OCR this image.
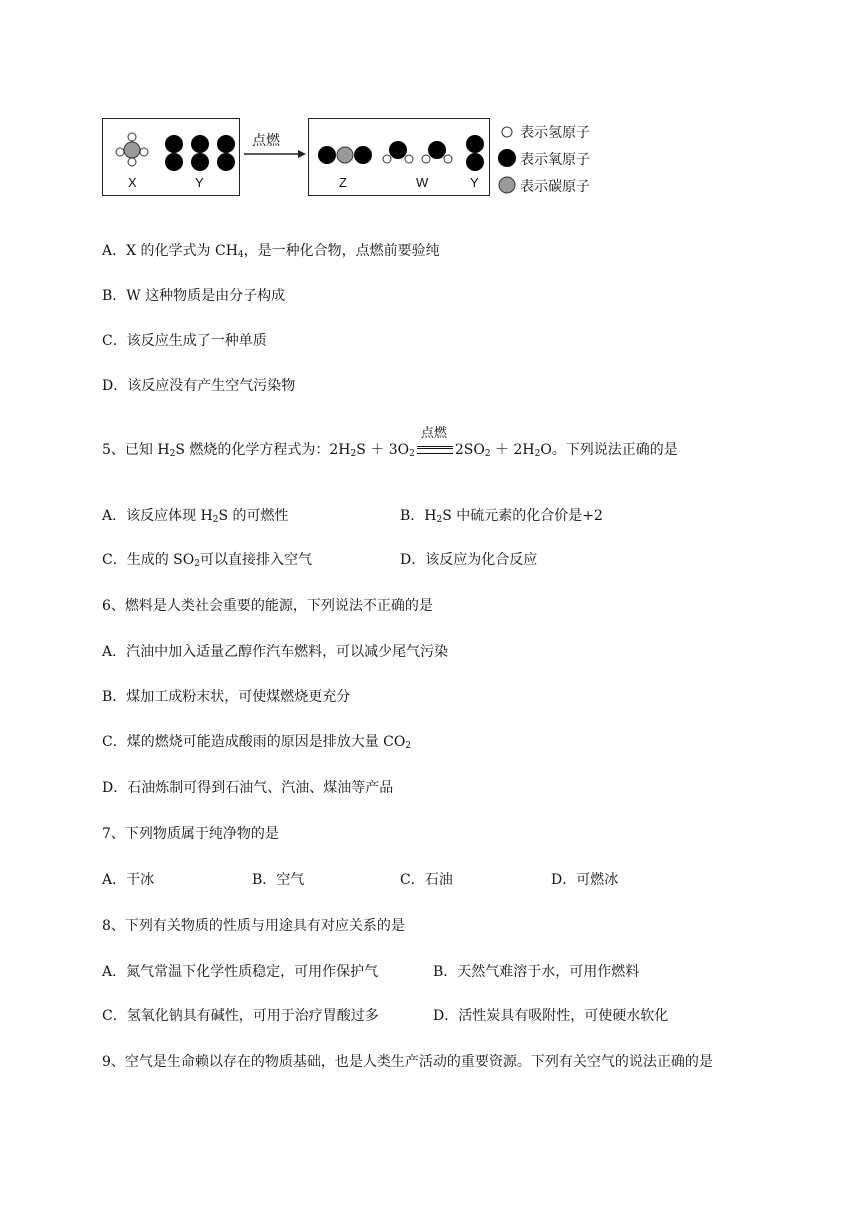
点燃
X	Y	Z	W	Y
表示氢原子
表示氧原子
表示碳原子
A．X 的化学式为 $CH_4$，是一种化合物，点燃前要验纯
B．W 这种物质是由分子构成
C．该反应生成了一种单质
D．该反应没有产生空气污染物
5、已知 $H_2S$ 燃烧的化学方程式为：$2H_2S + 3O_2$
点燃
$2SO_2 + 2H_2O$。下列说法正确的是
A．该反应体现 $H_2S$ 的可燃性	B．$H_2S$ 中硫元素的化合价是+2
C．生成的 $SO_2$可以直接排入空气	D．该反应为化合反应
6、燃料是人类社会重要的能源，下列说法不正确的是
A．汽油中加入适量乙醇作汽车燃料，可以减少尾气污染
B．煤加工成粉末状，可使煤燃烧更充分
C．煤的燃烧可能造成酸雨的原因是排放大量 $CO_2$
D．石油炼制可得到石油气、汽油、煤油等产品
7、下列物质属于纯净物的是
A．干冰	B．空气	C．石油	D．可燃冰
8、下列有关物质的性质与用途具有对应关系的是
A．氮气常温下化学性质稳定，可用作保护气	B．天然气难溶于水，可用作燃料
C．氢氧化钠具有碱性，可用于治疗胃酸过多	D．活性炭具有吸附性，可使硬水软化
9、空气是生命赖以存在的物质基础，也是人类生产活动的重要资源。下列有关空气的说法正确的是
